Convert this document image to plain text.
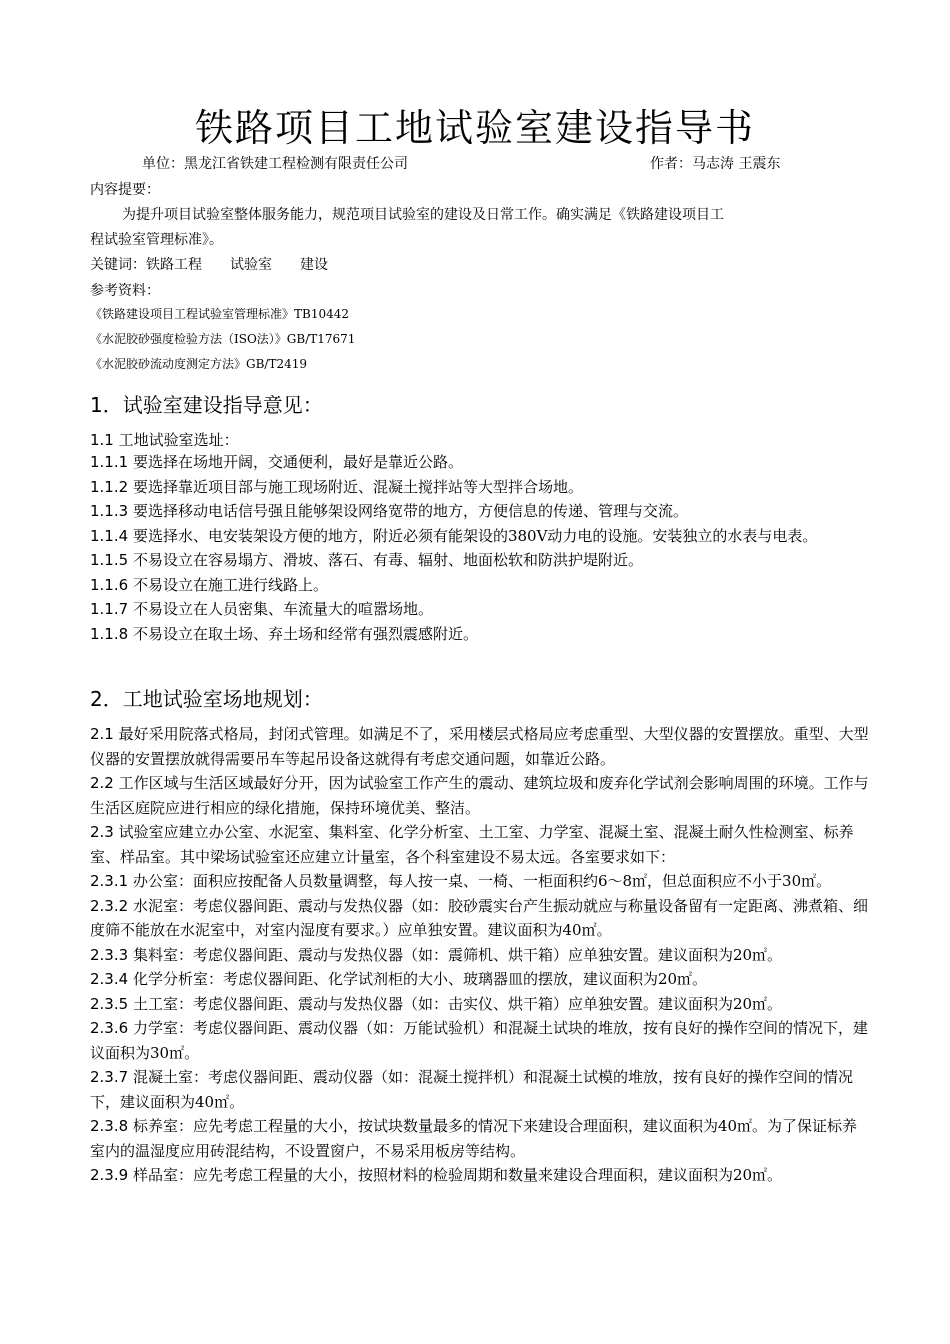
铁路项目工地试验室建设指导书
单位：黑龙江省铁建工程检测有限责任公司	作者：马志涛 王震东
内容提要：
为提升项目试验室整体服务能力，规范项目试验室的建设及日常工作。确实满足《铁路建设项目工
程试验室管理标准》。
关键词：铁路工程　　试验室　　建设
参考资料：
《铁路建设项目工程试验室管理标准》TB10442
《水泥胶砂强度检验方法（ISO法）》GB/T17671
《水泥胶砂流动度测定方法》GB/T2419
1．试验室建设指导意见：
1.1 工地试验室选址：
1.1.1 要选择在场地开阔，交通便利，最好是靠近公路。
1.1.2 要选择靠近项目部与施工现场附近、混凝土搅拌站等大型拌合场地。
1.1.3 要选择移动电话信号强且能够架设网络宽带的地方，方便信息的传递、管理与交流。
1.1.4 要选择水、电安装架设方便的地方，附近必须有能架设的380V动力电的设施。安装独立的水表与电表。
1.1.5 不易设立在容易塌方、滑坡、落石、有毒、辐射、地面松软和防洪护堤附近。
1.1.6 不易设立在施工进行线路上。
1.1.7 不易设立在人员密集、车流量大的喧嚣场地。
1.1.8 不易设立在取土场、弃土场和经常有强烈震感附近。
2．工地试验室场地规划：
2.1 最好采用院落式格局，封闭式管理。如满足不了，采用楼层式格局应考虑重型、大型仪器的安置摆放。重型、大型仪器的安置摆放就得需要吊车等起吊设备这就得有考虑交通问题，如靠近公路。
2.2 工作区域与生活区域最好分开，因为试验室工作产生的震动、建筑垃圾和废弃化学试剂会影响周围的环境。工作与生活区庭院应进行相应的绿化措施，保持环境优美、整洁。
2.3 试验室应建立办公室、水泥室、集料室、化学分析室、土工室、力学室、混凝土室、混凝土耐久性检测室、标养室、样品室。其中梁场试验室还应建立计量室，各个科室建设不易太远。各室要求如下：
2.3.1 办公室：面积应按配备人员数量调整，每人按一桌、一椅、一柜面积约6～8㎡，但总面积应不小于30㎡。
2.3.2 水泥室：考虑仪器间距、震动与发热仪器（如：胶砂震实台产生振动就应与称量设备留有一定距离、沸煮箱、细度筛不能放在水泥室中，对室内湿度有要求。）应单独安置。建议面积为40㎡。
2.3.3 集料室：考虑仪器间距、震动与发热仪器（如：震筛机、烘干箱）应单独安置。建议面积为20㎡。
2.3.4 化学分析室：考虑仪器间距、化学试剂柜的大小、玻璃器皿的摆放，建议面积为20㎡。
2.3.5 土工室：考虑仪器间距、震动与发热仪器（如：击实仪、烘干箱）应单独安置。建议面积为20㎡。
2.3.6 力学室：考虑仪器间距、震动仪器（如：万能试验机）和混凝土试块的堆放，按有良好的操作空间的情况下，建议面积为30㎡。
2.3.7 混凝土室：考虑仪器间距、震动仪器（如：混凝土搅拌机）和混凝土试模的堆放，按有良好的操作空间的情况下，建议面积为40㎡。
2.3.8 标养室：应先考虑工程量的大小，按试块数量最多的情况下来建设合理面积，建议面积为40㎡。为了保证标养室内的温湿度应用砖混结构，不设置窗户，不易采用板房等结构。
2.3.9 样品室：应先考虑工程量的大小，按照材料的检验周期和数量来建设合理面积，建议面积为20㎡。
